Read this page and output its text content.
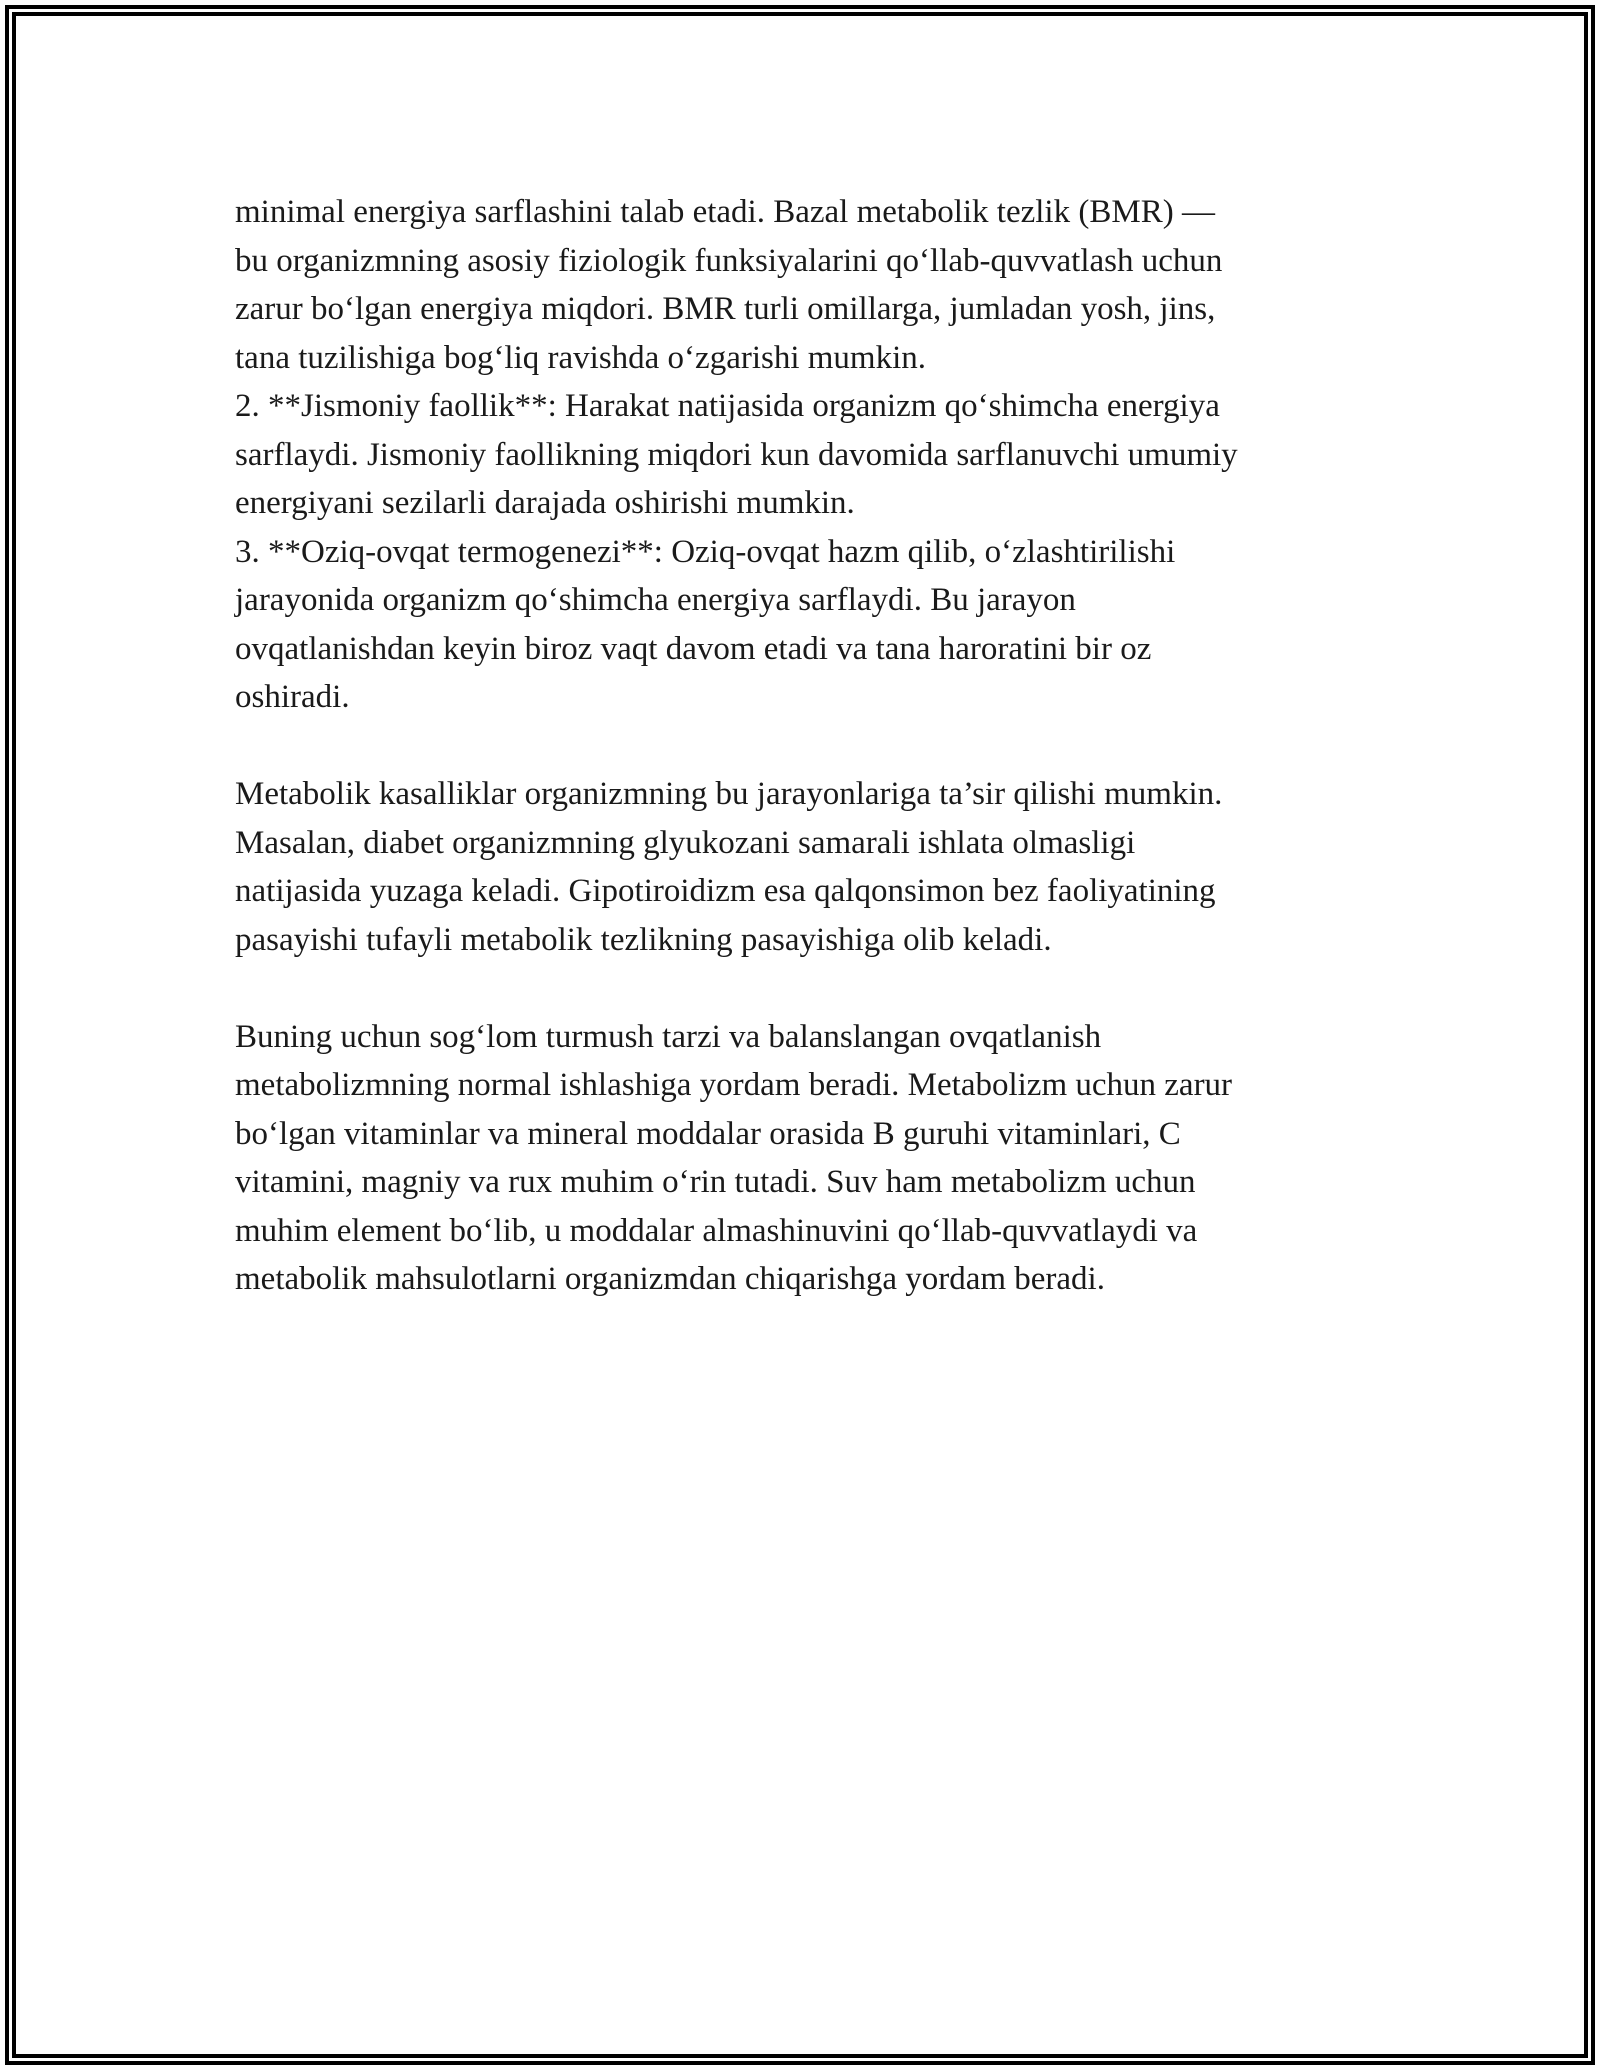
minimal energiya sarflashini talab etadi. Bazal metabolik tezlik (BMR) —
bu organizmning asosiy fiziologik funksiyalarini qo‘llab-quvvatlash uchun
zarur bo‘lgan energiya miqdori. BMR turli omillarga, jumladan yosh, jins,
tana tuzilishiga bog‘liq ravishda o‘zgarishi mumkin.
2. **Jismoniy faollik**: Harakat natijasida organizm qo‘shimcha energiya
sarflaydi. Jismoniy faollikning miqdori kun davomida sarflanuvchi umumiy
energiyani sezilarli darajada oshirishi mumkin.
3. **Oziq-ovqat termogenezi**: Oziq-ovqat hazm qilib, o‘zlashtirilishi
jarayonida organizm qo‘shimcha energiya sarflaydi. Bu jarayon
ovqatlanishdan keyin biroz vaqt davom etadi va tana haroratini bir oz
oshiradi.
Metabolik kasalliklar organizmning bu jarayonlariga ta’sir qilishi mumkin.
Masalan, diabet organizmning glyukozani samarali ishlata olmasligi
natijasida yuzaga keladi. Gipotiroidizm esa qalqonsimon bez faoliyatining
pasayishi tufayli metabolik tezlikning pasayishiga olib keladi.
Buning uchun sog‘lom turmush tarzi va balanslangan ovqatlanish
metabolizmning normal ishlashiga yordam beradi. Metabolizm uchun zarur
bo‘lgan vitaminlar va mineral moddalar orasida B guruhi vitaminlari, C
vitamini, magniy va rux muhim o‘rin tutadi. Suv ham metabolizm uchun
muhim element bo‘lib, u moddalar almashinuvini qo‘llab-quvvatlaydi va
metabolik mahsulotlarni organizmdan chiqarishga yordam beradi.
